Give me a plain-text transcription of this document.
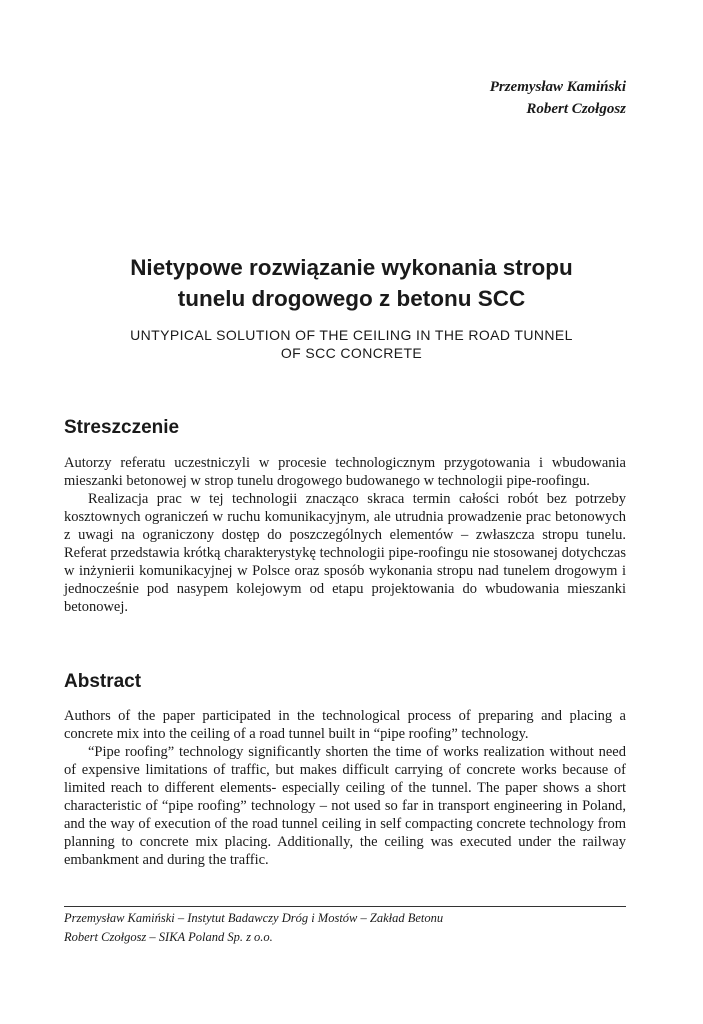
Przemysław Kamiński
Robert Czołgosz
Nietypowe rozwiązanie wykonania stropu
tunelu drogowego z betonu SCC
UNTYPICAL SOLUTION OF THE CEILING IN THE ROAD TUNNEL
OF SCC CONCRETE
Streszczenie

Autorzy referatu uczestniczyli w procesie technologicznym przygotowania i wbudowania mieszanki betonowej w strop tunelu drogowego budowanego w technologii pipe-roofingu.

Realizacja prac w tej technologii znacząco skraca termin całości robót bez potrzeby kosztownych ograniczeń w ruchu komunikacyjnym, ale utrudnia prowadzenie prac betonowych z uwagi na ograniczony dostęp do poszczególnych elementów – zwłaszcza stropu tunelu. Referat przedstawia krótką charakterystykę technologii pipe-roofingu nie stosowanej dotychczas w inżynierii komunikacyjnej w Polsce oraz sposób wykonania stropu nad tunelem drogowym i jednocześnie pod nasypem kolejowym od etapu projektowania do wbudowania mieszanki betonowej.

Abstract

Authors of the paper participated in the technological process of preparing and placing a concrete mix into the ceiling of a road tunnel built in “pipe roofing” technology.

“Pipe roofing” technology significantly shorten the time of works realization without need of expensive limitations of traffic, but makes difficult carrying of concrete works because of limited reach to different elements- especially ceiling of the tunnel. The paper shows a short characteristic of “pipe roofing” technology – not used so far in transport engineering in Poland, and the way of execution of the road tunnel ceiling in self compacting concrete technology from planning to concrete mix placing. Additionally, the ceiling was executed under the railway embankment and during the traffic.

Przemysław Kamiński – Instytut Badawczy Dróg i Mostów – Zakład Betonu
Robert Czołgosz – SIKA Poland Sp. z o.o.
